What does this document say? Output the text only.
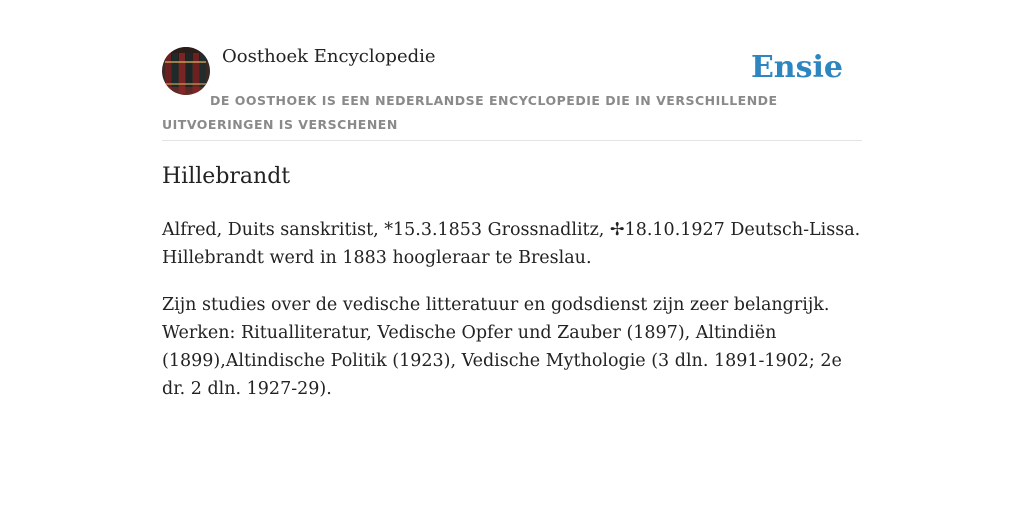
Oosthoek Encyclopedie	Ensie
DE OOSTHOEK IS EEN NEDERLANDSE ENCYCLOPEDIE DIE IN VERSCHILLENDE UITVOERINGEN IS VERSCHENEN
Hillebrandt

Alfred, Duits sanskritist, *15.3.1853 Grossnadlitz, ✢18.10.1927 Deutsch-Lissa. Hillebrandt werd in 1883 hoogleraar te Breslau.

Zijn studies over de vedische litteratuur en godsdienst zijn zeer belangrijk. Werken: Ritualliteratur, Vedische Opfer und Zauber (1897), Altindiën (1899),Altindische Politik (1923), Vedische Mythologie (3 dln. 1891-1902; 2e dr. 2 dln. 1927-29).
